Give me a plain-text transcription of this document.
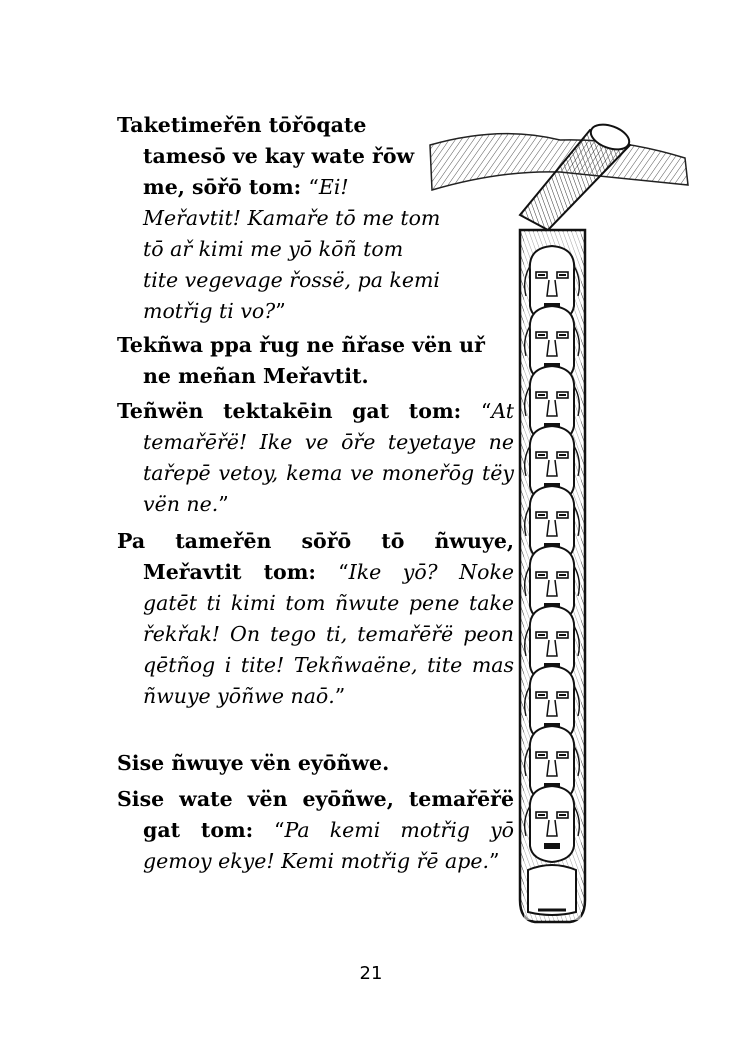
Taketimeřēn tōřōqate tamesō ve kay wate řōw me, sōřō tom: “Ei! Meřavtit! Kamaře tō me tom tō ař kimi me yō kōñ tom tite vegevage řossë, pa kemi motřig ti vo?”

Tekñwa ppa řug ne ñřase vën uř ne meñan Meřavtit.

Teñwën tektakēin gat tom: “At temařēřë! Ike ve ōře teyetaye ne tařepē vetoy, kema ve moneřōg tëy vën ne.”

Pa tameřēn sōřō tō ñwuye, Meřavtit tom: “Ike yō? Noke gatēt ti kimi tom ñwute pene take řekřak! On tego ti, temařēřë peon qētñog i tite! Tekñwaëne, tite mas ñwuye yōñwe naō.”

Sise ñwuye vën eyōñwe.

Sise wate vën eyōñwe, temařēřë gat tom: “Pa kemi motřig yō gemoy ekye! Kemi motřig řē ape.”

21
